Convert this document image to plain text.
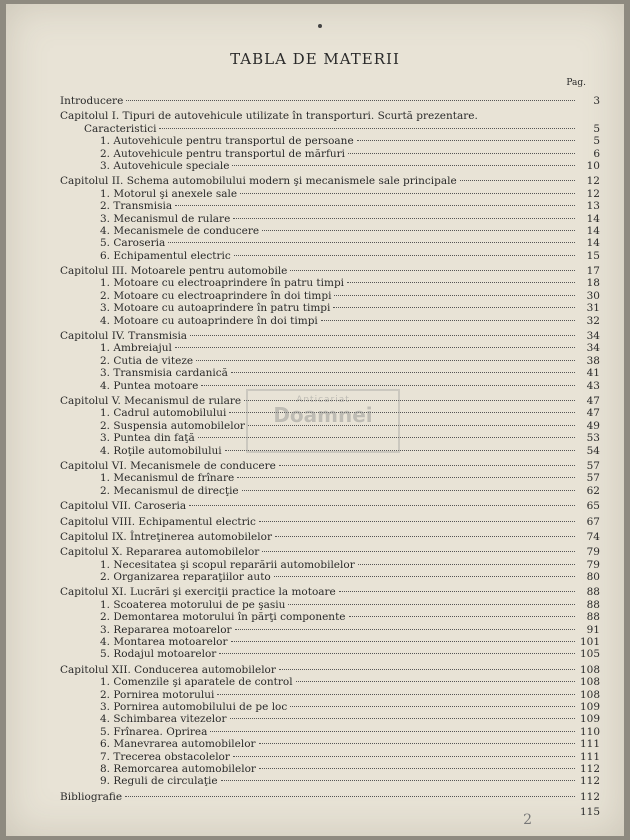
TABLA DE MATERII
Pag.
Introducere	3
Capitolul I. Tipuri de autovehicule utilizate în transporturi. Scurtă prezentare.
Caracteristici	5
1. Autovehicule pentru transportul de persoane	5
2. Autovehicule pentru transportul de mărfuri	6
3. Autovehicule speciale	10
Capitolul II. Schema automobilului modern şi mecanismele sale principale	12
1. Motorul şi anexele sale	12
2. Transmisia	13
3. Mecanismul de rulare	14
4. Mecanismele de conducere	14
5. Caroseria	14
6. Echipamentul electric	15
Capitolul III. Motoarele pentru automobile	17
1. Motoare cu electroaprindere în patru timpi	18
2. Motoare cu electroaprindere în doi timpi	30
3. Motoare cu autoaprindere în patru timpi	31
4. Motoare cu autoaprindere în doi timpi	32
Capitolul IV. Transmisia	34
1. Ambreiajul	34
2. Cutia de viteze	38
3. Transmisia cardanică	41
4. Puntea motoare	43
Capitolul V. Mecanismul de rulare	47
1. Cadrul automobilului	47
2. Suspensia automobilelor	49
3. Puntea din faţă	53
4. Roţile automobilului	54
Capitolul VI. Mecanismele de conducere	57
1. Mecanismul de frînare	57
2. Mecanismul de direcţie	62
Capitolul VII. Caroseria	65
Capitolul VIII. Echipamentul electric	67
Capitolul IX. Întreţinerea automobilelor	74
Capitolul X. Repararea automobilelor	79
1. Necesitatea şi scopul reparării automobilelor	79
2. Organizarea reparaţiilor auto	80
Capitolul XI. Lucrări şi exerciţii practice la motoare	88
1. Scoaterea motorului de pe şasiu	88
2. Demontarea motorului în părţi componente	88
3. Repararea motoarelor	91
4. Montarea motoarelor	101
5. Rodajul motoarelor	105
Capitolul XII. Conducerea automobilelor	108
1. Comenzile şi aparatele de control	108
2. Pornirea motorului	108
3. Pornirea automobilului de pe loc	109
4. Schimbarea vitezelor	109
5. Frînarea. Oprirea	110
6. Manevrarea automobilelor	111
7. Trecerea obstacolelor	111
8. Remorcarea automobilelor	112
9. Reguli de circulaţie	112
Bibliografie	112
115
Anticariat
Doamnei
2
